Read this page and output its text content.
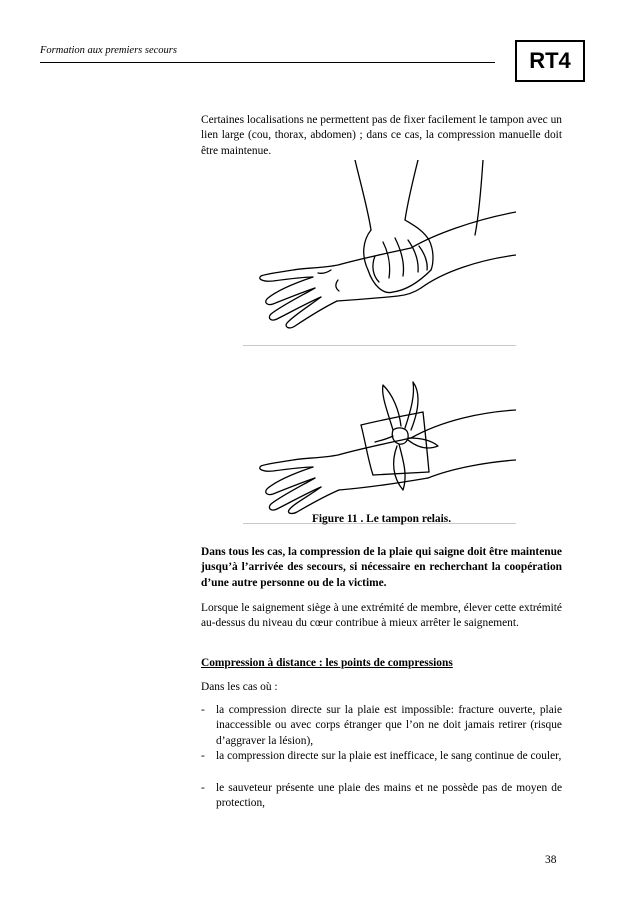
Formation aux premiers secours	RT4
Certaines localisations ne permettent pas de fixer facilement le tampon avec un lien large (cou, thorax, abdomen) ; dans ce cas, la compression manuelle doit être maintenue.
Figure 11 . Le tampon relais.
Dans tous les cas, la compression de la plaie qui saigne doit être maintenue jusqu’à l’arrivée des secours, si nécessaire en recherchant la coopération d’une autre personne ou de la victime.
Lorsque le saignement siège à une extrémité de membre, élever cette extrémité au-dessus du niveau du cœur contribue à mieux arrêter le saignement.
Compression à distance : les points de compressions
Dans les cas où :
- la compression directe sur la plaie est impossible: fracture ouverte, plaie inaccessible ou avec corps étranger que l’on ne doit jamais retirer (risque d’aggraver la lésion),
- la compression directe sur la plaie est inefficace, le sang continue de couler,
- le sauveteur présente une plaie des mains et ne possède pas de moyen de protection,
38
